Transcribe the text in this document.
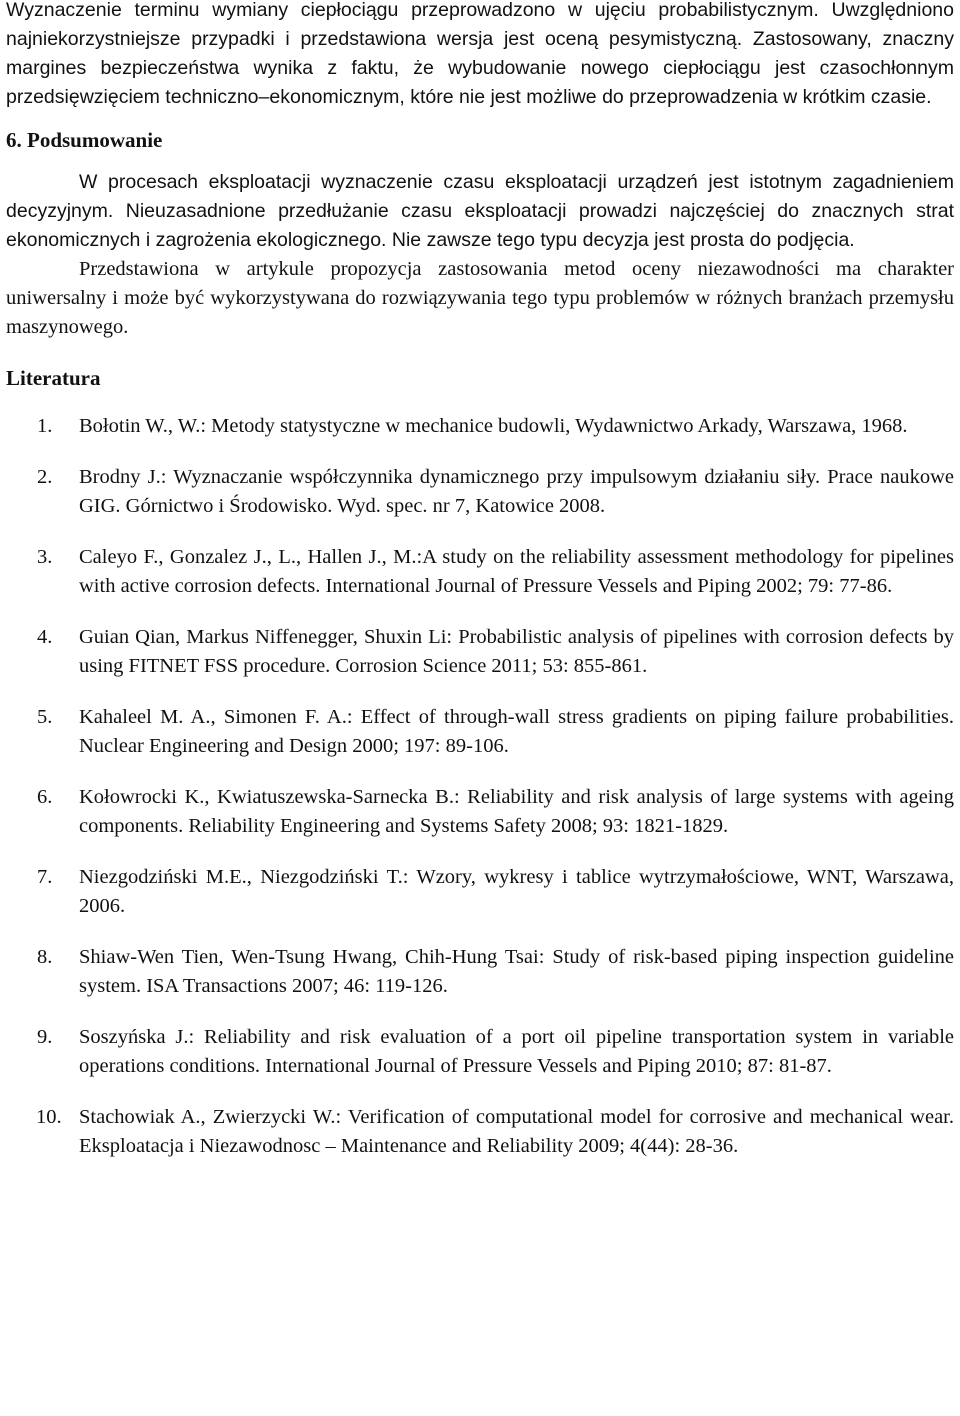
Wyznaczenie terminu wymiany ciepłociągu przeprowadzono w ujęciu probabilistycznym. Uwzględniono najniekorzystniejsze przypadki i przedstawiona wersja jest oceną pesymistyczną. Zastosowany, znaczny margines bezpieczeństwa wynika z faktu, że wybudowanie nowego ciepłociągu jest czasochłonnym przedsięwzięciem techniczno–ekonomicznym, które nie jest możliwe do przeprowadzenia w krótkim czasie.

6. Podsumowanie

W procesach eksploatacji wyznaczenie czasu eksploatacji urządzeń jest istotnym zagadnieniem decyzyjnym. Nieuzasadnione przedłużanie czasu eksploatacji prowadzi najczęściej do znacznych strat ekonomicznych i zagrożenia ekologicznego. Nie zawsze tego typu decyzja jest prosta do podjęcia.

Przedstawiona w artykule propozycja zastosowania metod oceny niezawodności ma charakter uniwersalny i może być wykorzystywana do rozwiązywania tego typu problemów w różnych branżach przemysłu maszynowego.

Literatura
1. Bołotin W., W.: Metody statystyczne w mechanice budowli, Wydawnictwo Arkady, Warszawa, 1968.
2. Brodny J.: Wyznaczanie współczynnika dynamicznego przy impulsowym działaniu siły. Prace naukowe GIG. Górnictwo i Środowisko. Wyd. spec. nr 7, Katowice 2008.
3. Caleyo F., Gonzalez J., L., Hallen J., M.:A study on the reliability assessment methodology for pipelines with active corrosion defects. International Journal of Pressure Vessels and Piping 2002; 79: 77-86.
4. Guian Qian, Markus Niffenegger, Shuxin Li: Probabilistic analysis of pipelines with corrosion defects by using FITNET FSS procedure. Corrosion Science 2011; 53: 855-861.
5. Kahaleel M. A., Simonen F. A.: Effect of through-wall stress gradients on piping failure probabilities. Nuclear Engineering and Design 2000; 197: 89-106.
6. Kołowrocki K., Kwiatuszewska-Sarnecka B.: Reliability and risk analysis of large systems with ageing components. Reliability Engineering and Systems Safety 2008; 93: 1821-1829.
7. Niezgodziński M.E., Niezgodziński T.: Wzory, wykresy i tablice wytrzymałościowe, WNT, Warszawa, 2006.
8. Shiaw-Wen Tien, Wen-Tsung Hwang, Chih-Hung Tsai: Study of risk-based piping inspection guideline system. ISA Transactions 2007; 46: 119-126.
9. Soszyńska J.: Reliability and risk evaluation of a port oil pipeline transportation system in variable operations conditions. International Journal of Pressure Vessels and Piping 2010; 87: 81-87.
10. Stachowiak A., Zwierzycki W.: Verification of computational model for corrosive and mechanical wear. Eksploatacja i Niezawodnosc – Maintenance and Reliability 2009; 4(44): 28-36.
